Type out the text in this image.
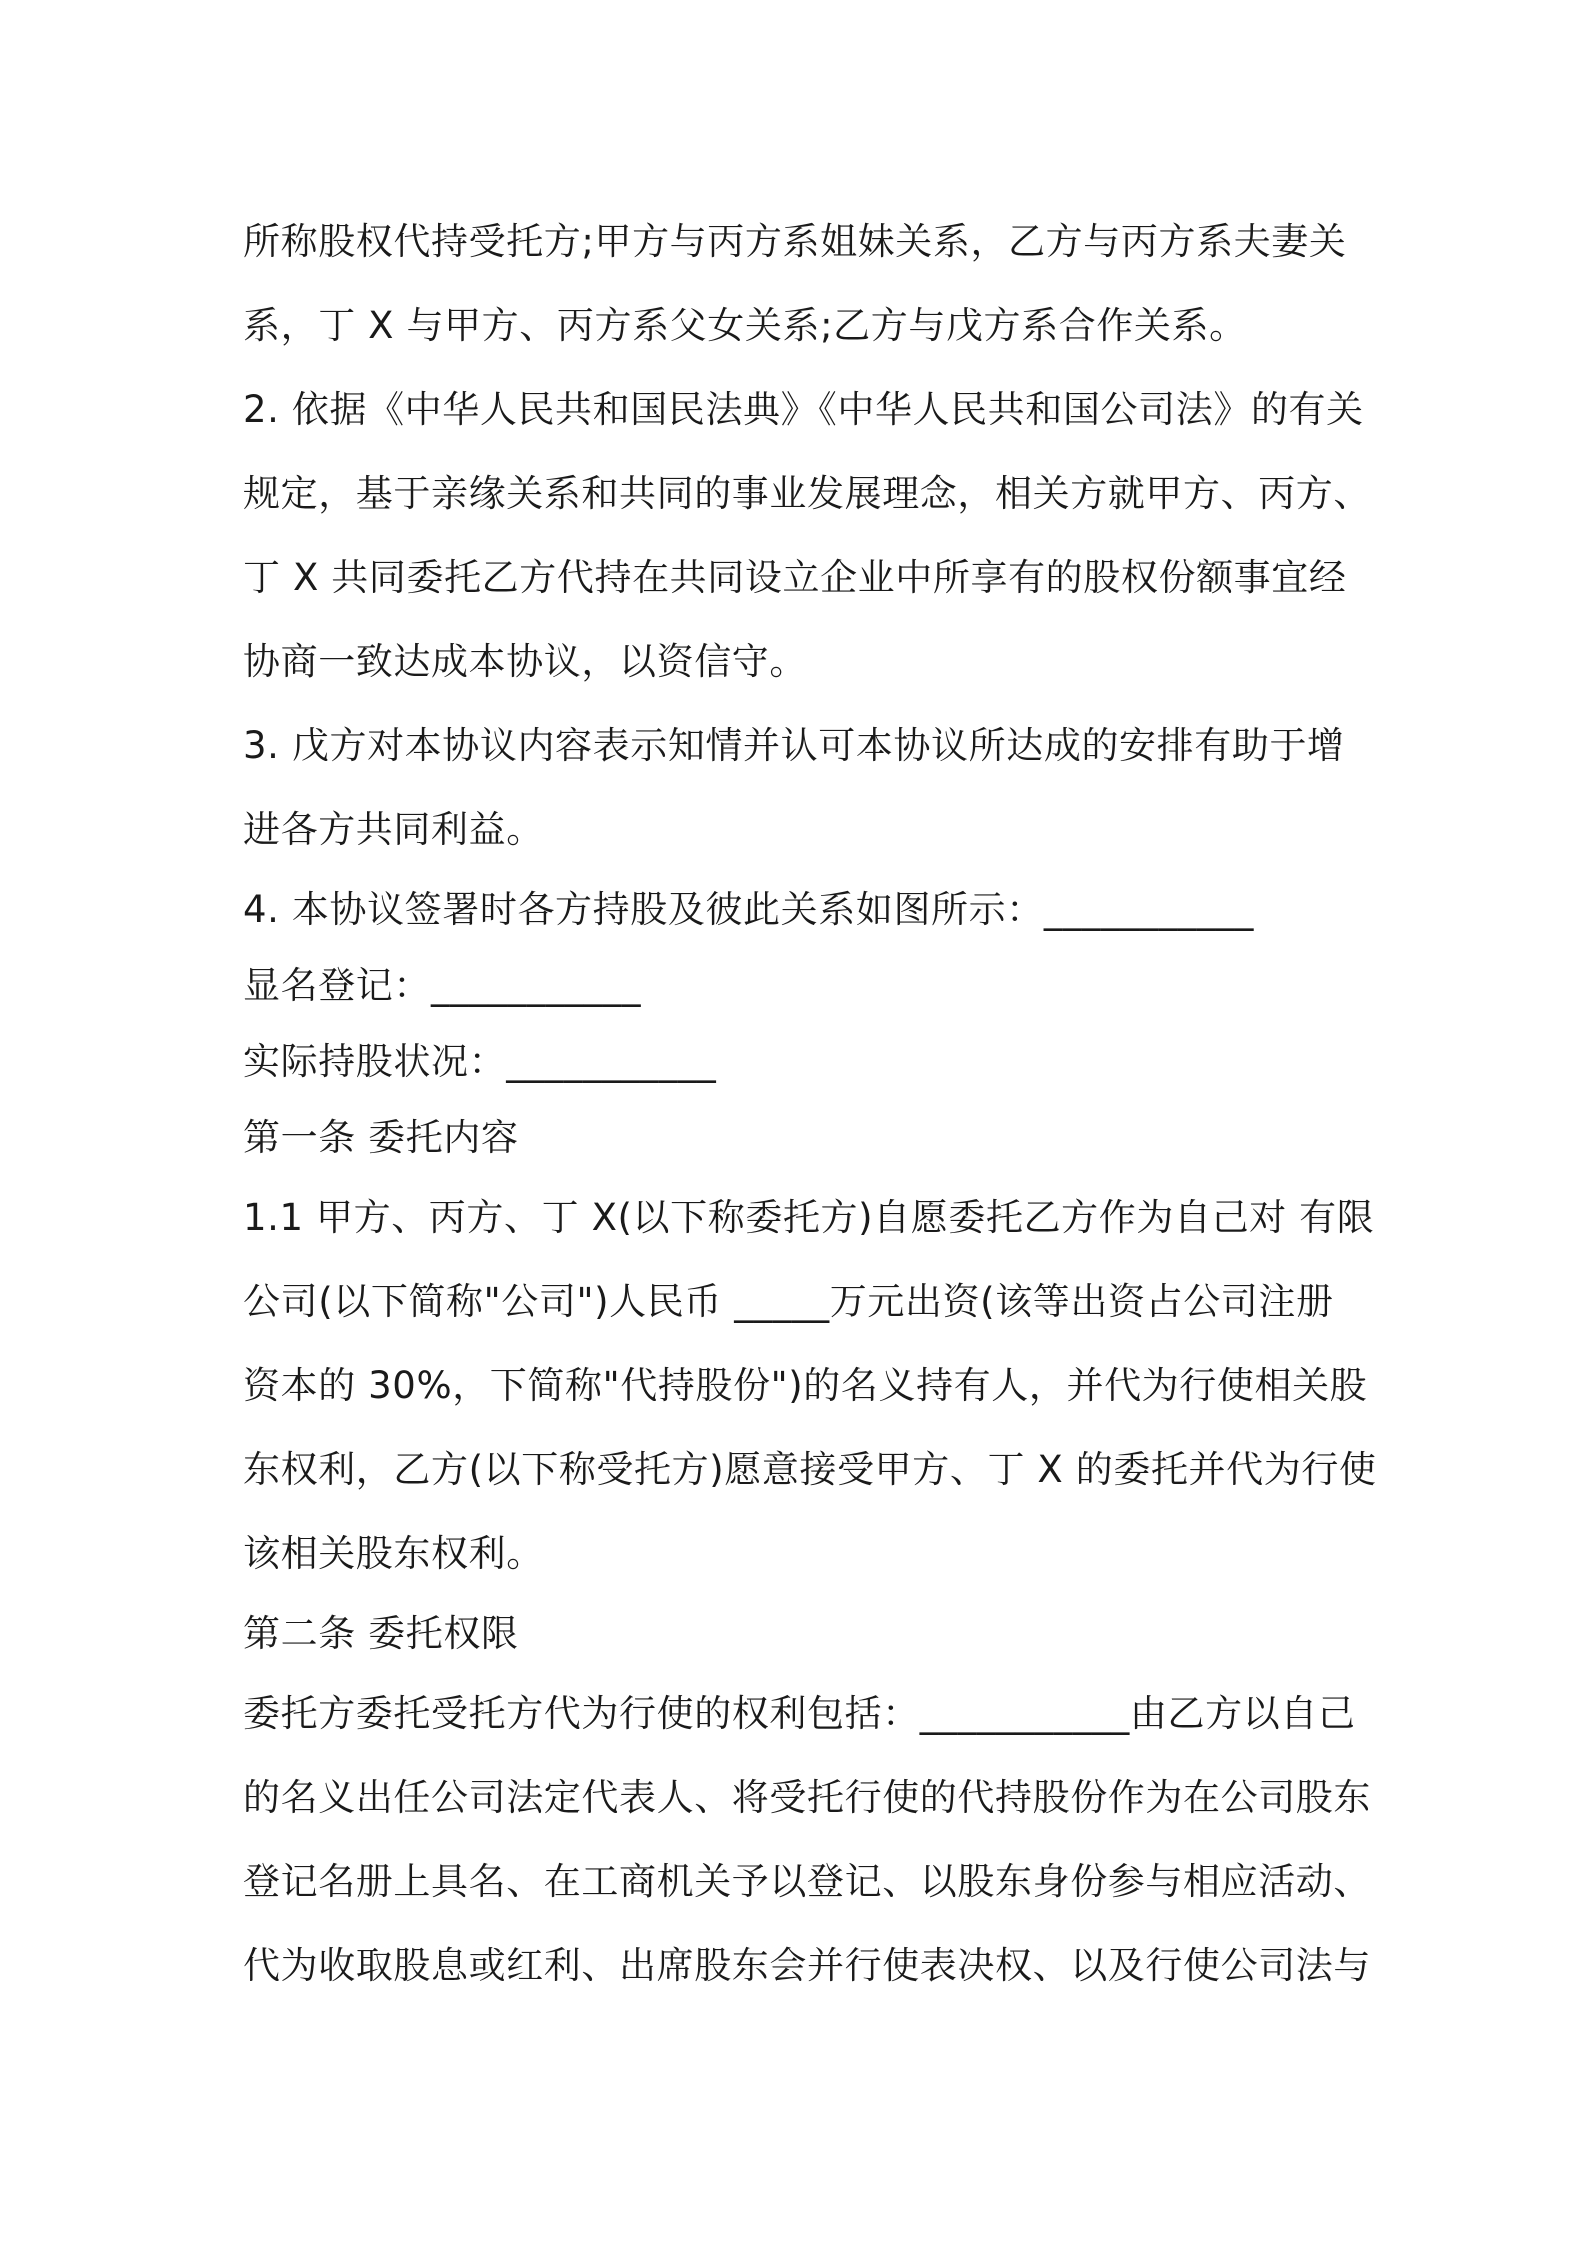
所称股权代持受托方;甲方与丙方系姐妹关系，乙方与丙方系夫妻关
系，丁 X 与甲方、丙方系父女关系;乙方与戊方系合作关系。
2. 依据《中华人民共和国民法典》《中华人民共和国公司法》的有关
规定，基于亲缘关系和共同的事业发展理念，相关方就甲方、丙方、
丁 X 共同委托乙方代持在共同设立企业中所享有的股权份额事宜经
协商一致达成本协议，以资信守。
3. 戊方对本协议内容表示知情并认可本协议所达成的安排有助于增
进各方共同利益。
4. 本协议签署时各方持股及彼此关系如图所示：___________
显名登记：___________
实际持股状况：___________
第一条 委托内容
1.1 甲方、丙方、丁 X(以下称委托方)自愿委托乙方作为自己对 有限
公司(以下简称"公司")人民币 _____万元出资(该等出资占公司注册
资本的 30%，下简称"代持股份")的名义持有人，并代为行使相关股
东权利，乙方(以下称受托方)愿意接受甲方、丁 X 的委托并代为行使
该相关股东权利。
第二条 委托权限
委托方委托受托方代为行使的权利包括：___________由乙方以自己
的名义出任公司法定代表人、将受托行使的代持股份作为在公司股东
登记名册上具名、在工商机关予以登记、以股东身份参与相应活动、
代为收取股息或红利、出席股东会并行使表决权、以及行使公司法与
